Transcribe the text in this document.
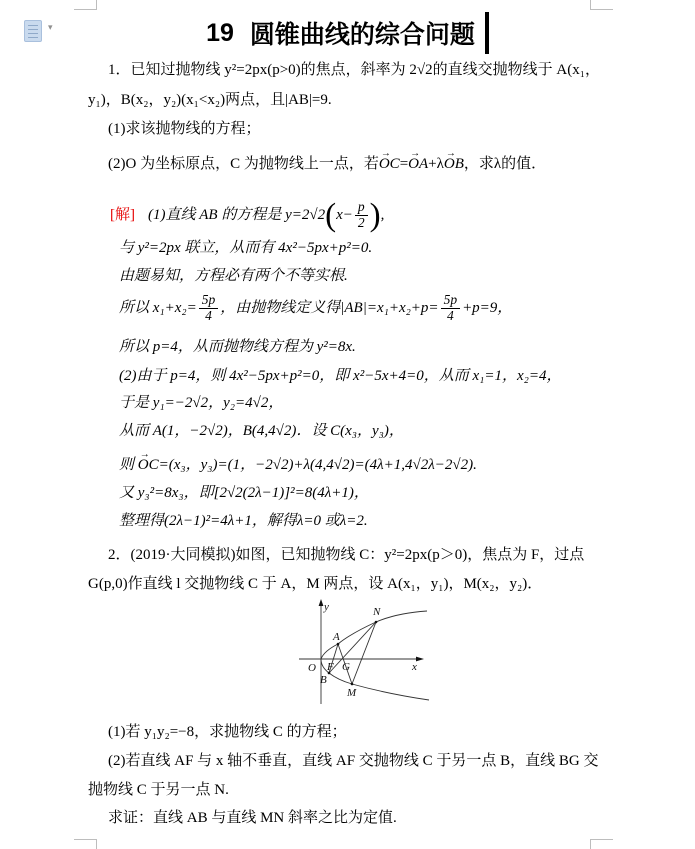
▾	19 圆锥曲线的综合问题
1．已知过抛物线 y²=2px(p>0)的焦点，斜率为 2√2的直线交抛物线于 A(x₁，
y₁)，B(x₂，y₂)(x₁<x₂)两点，且|AB|=9.
(1)求该抛物线的方程；
(2)O 为坐标原点，C 为抛物线上一点，若
→
OC=
→
OA+λ
→
OB，求λ的值．
[解] (1)直线 AB 的方程是 $y=2√2(x- \frac{p}{2}$ ),
与 y²=2px 联立，从而有 4x²−5px+p²=0.
由题易知，方程必有两个不等实根.
所以 $x_1+x_2= \frac{5p}{4}$ ，由抛物线定义得$|AB|=x_1+x_2+p= \frac{5p}{4} +p=9$，
所以 p=4，从而抛物线方程为 y²=8x.
(2)由于 p=4，则 4x²−5px+p²=0，即 x²−5x+4=0，从而 x₁=1，x₂=4，
于是 y₁=−2√2，y₂=4√2，
从而 A(1，−2√2)，B(4,4√2)．设 C(x₃，y₃)，
则
→
OC=(x₃，y₃)=(1，−2√2)+λ(4,4√2)=(4λ+1,4√2λ−2√2).
又 y₃²=8x₃，即[2√2(2λ−1)]²=8(4λ+1)，
整理得(2λ−1)²=4λ+1，解得λ=0 或λ=2.
2．(2019·大同模拟)如图，已知抛物线 C：y²=2px(p＞0)，焦点为 F，过点
G(p,0)作直线 l 交抛物线 C 于 A，M 两点，设 A(x₁，y₁)，M(x₂，y₂)．
O F G
A
B
M
N
x
y
(1)若 y₁y₂=−8，求抛物线 C 的方程；
(2)若直线 AF 与 x 轴不垂直，直线 AF 交抛物线 C 于另一点 B，直线 BG 交
抛物线 C 于另一点 N.
求证：直线 AB 与直线 MN 斜率之比为定值.
